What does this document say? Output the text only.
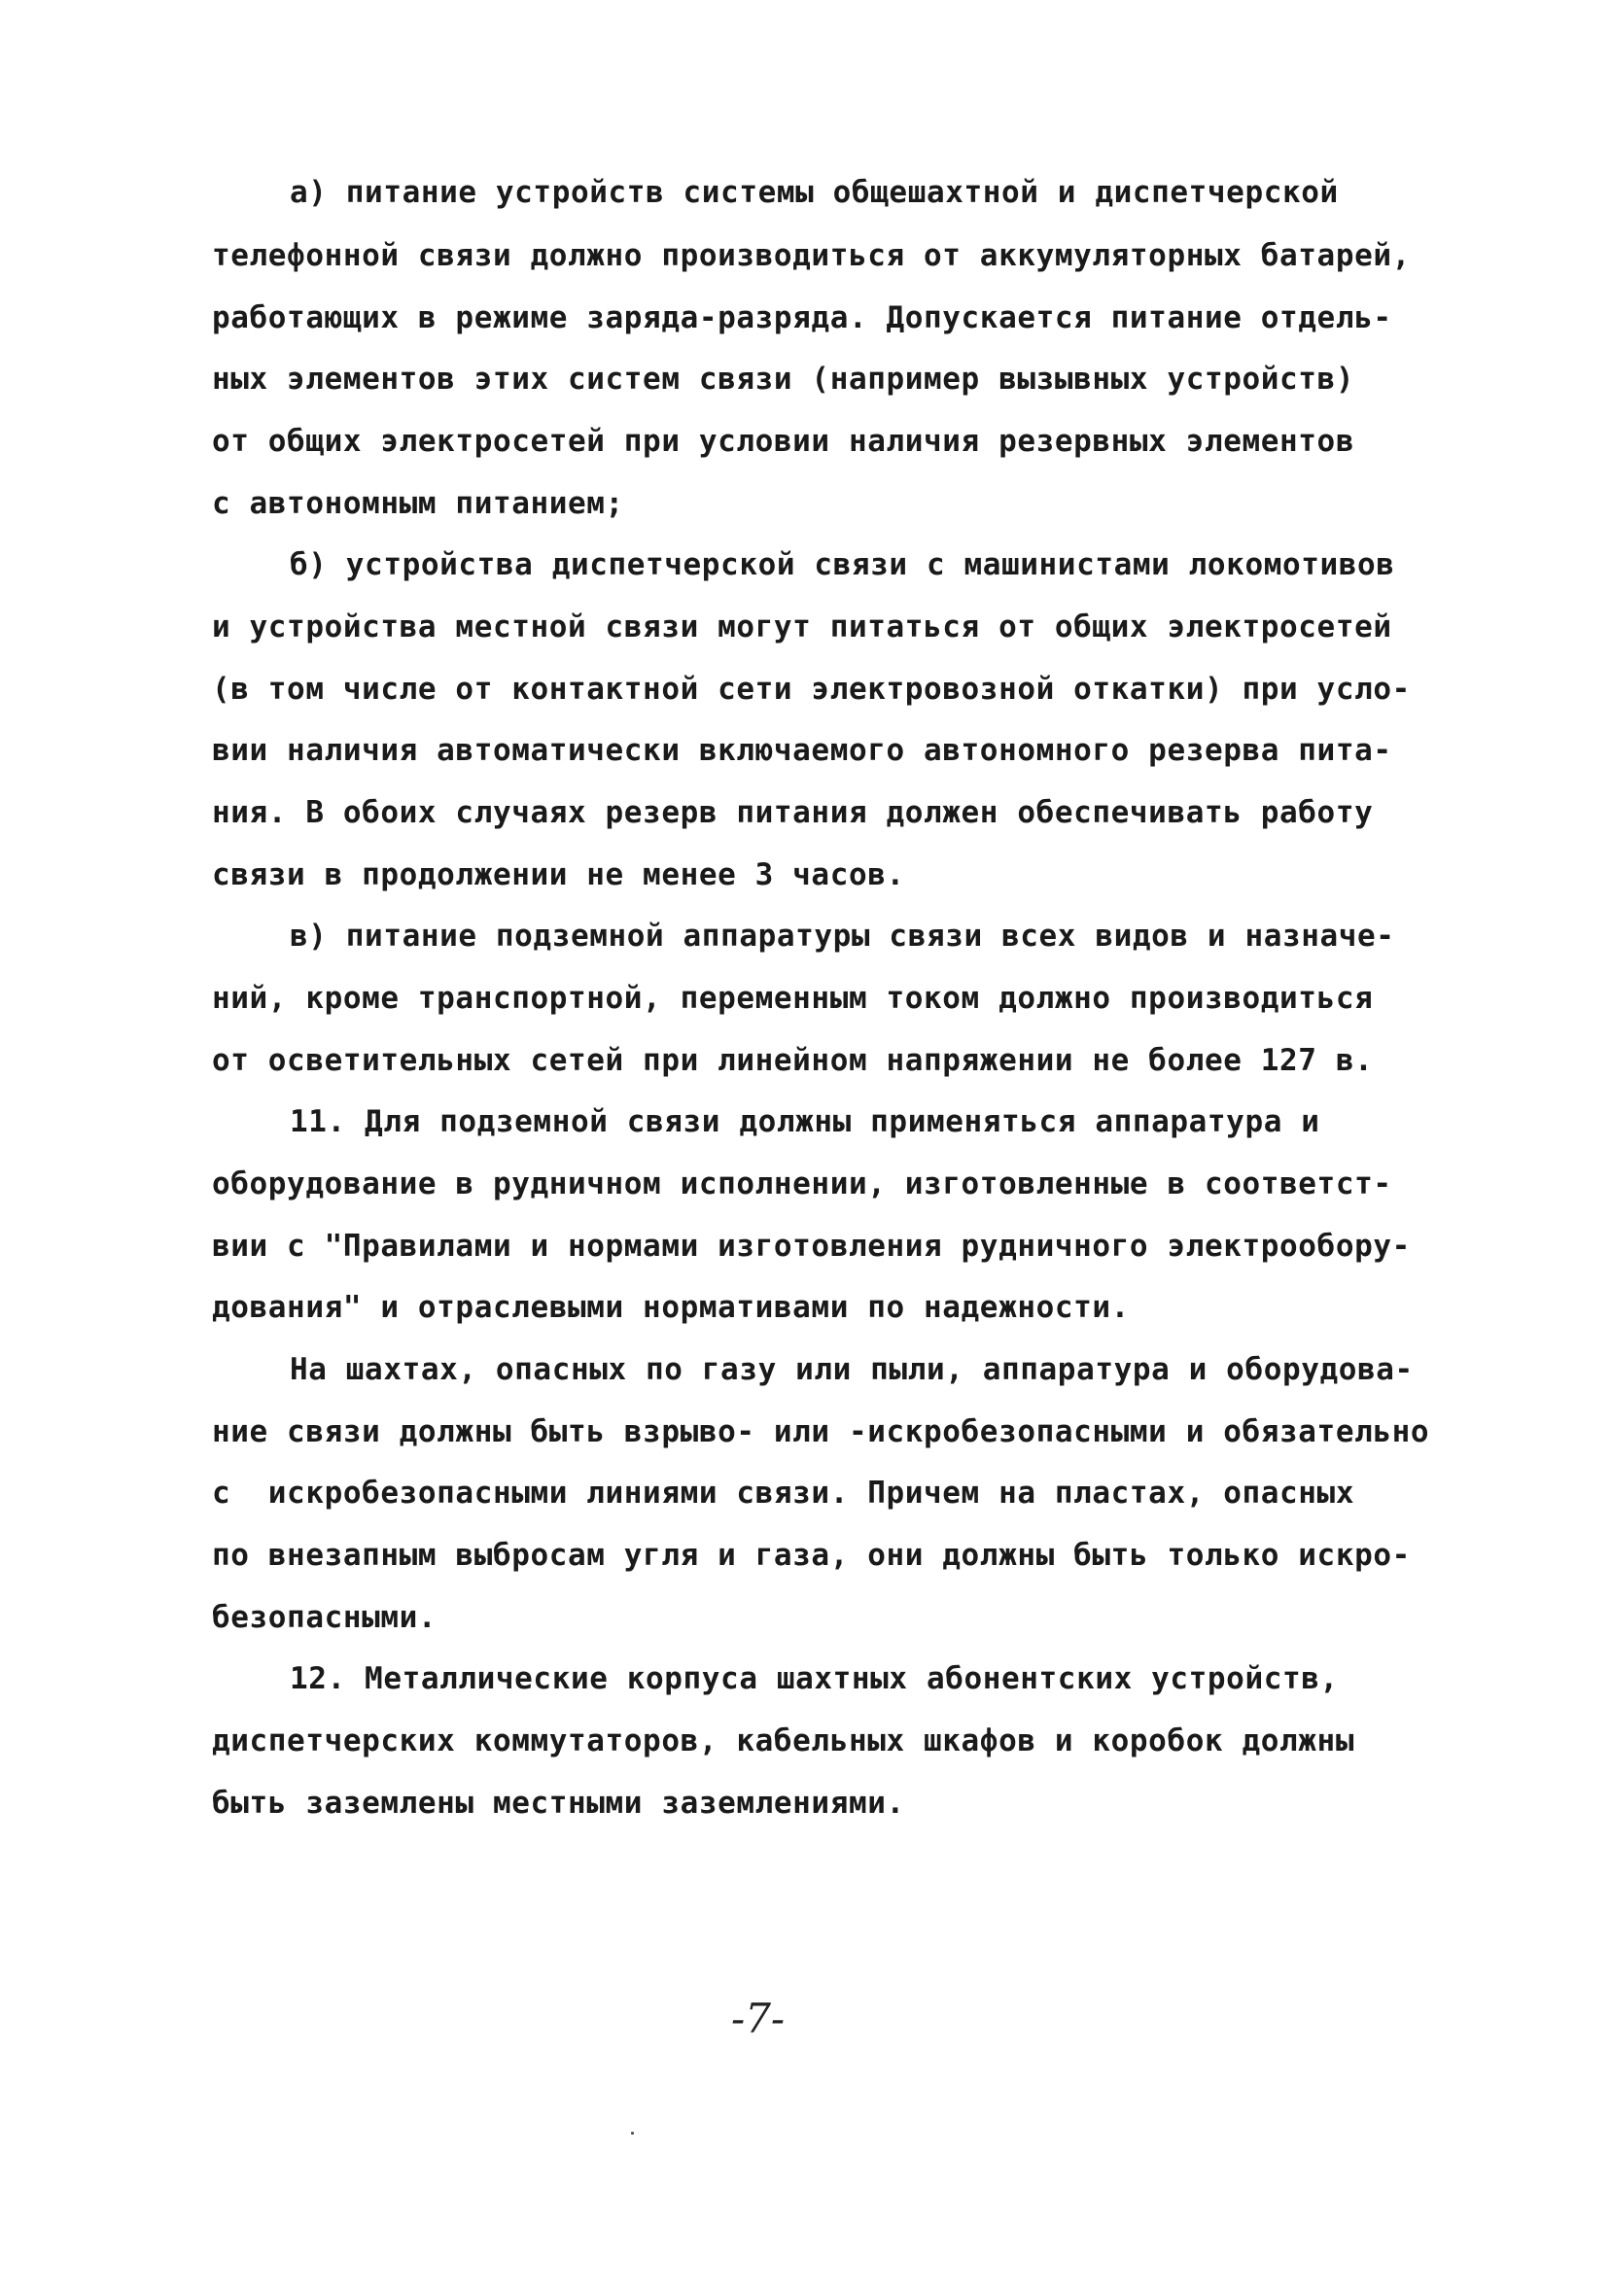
а) питание устройств системы общешахтной и диспетчерской
телефонной связи должно производиться от аккумуляторных батарей,
работающих в режиме заряда-разряда. Допускается питание отдель-
ных элементов этих систем связи (например вызывных устройств)
от общих электросетей при условии наличия резервных элементов
с автономным питанием;
б) устройства диспетчерской связи с машинистами локомотивов
и устройства местной связи могут питаться от общих электросетей
(в том числе от контактной сети электровозной откатки) при усло-
вии наличия автоматически включаемого автономного резерва пита-
ния. В обоих случаях резерв питания должен обеспечивать работу
связи в продолжении не менее 3 часов.
в) питание подземной аппаратуры связи всех видов и назначе-
ний, кроме транспортной, переменным током должно производиться
от осветительных сетей при линейном напряжении не более 127 в.
11. Для подземной связи должны применяться аппаратура и
оборудование в рудничном исполнении, изготовленные в соответст-
вии с "Правилами и нормами изготовления рудничного электрообору-
дования" и отраслевыми нормативами по надежности.
На шахтах, опасных по газу или пыли, аппаратура и оборудова-
ние связи должны быть взрыво- или -искробезопасными и обязательно
с  искробезопасными линиями связи. Причем на пластах, опасных
по внезапным выбросам угля и газа, они должны быть только искро-
безопасными.
12. Металлические корпуса шахтных абонентских устройств,
диспетчерских коммутаторов, кабельных шкафов и коробок должны
быть заземлены местными заземлениями.
-7-
